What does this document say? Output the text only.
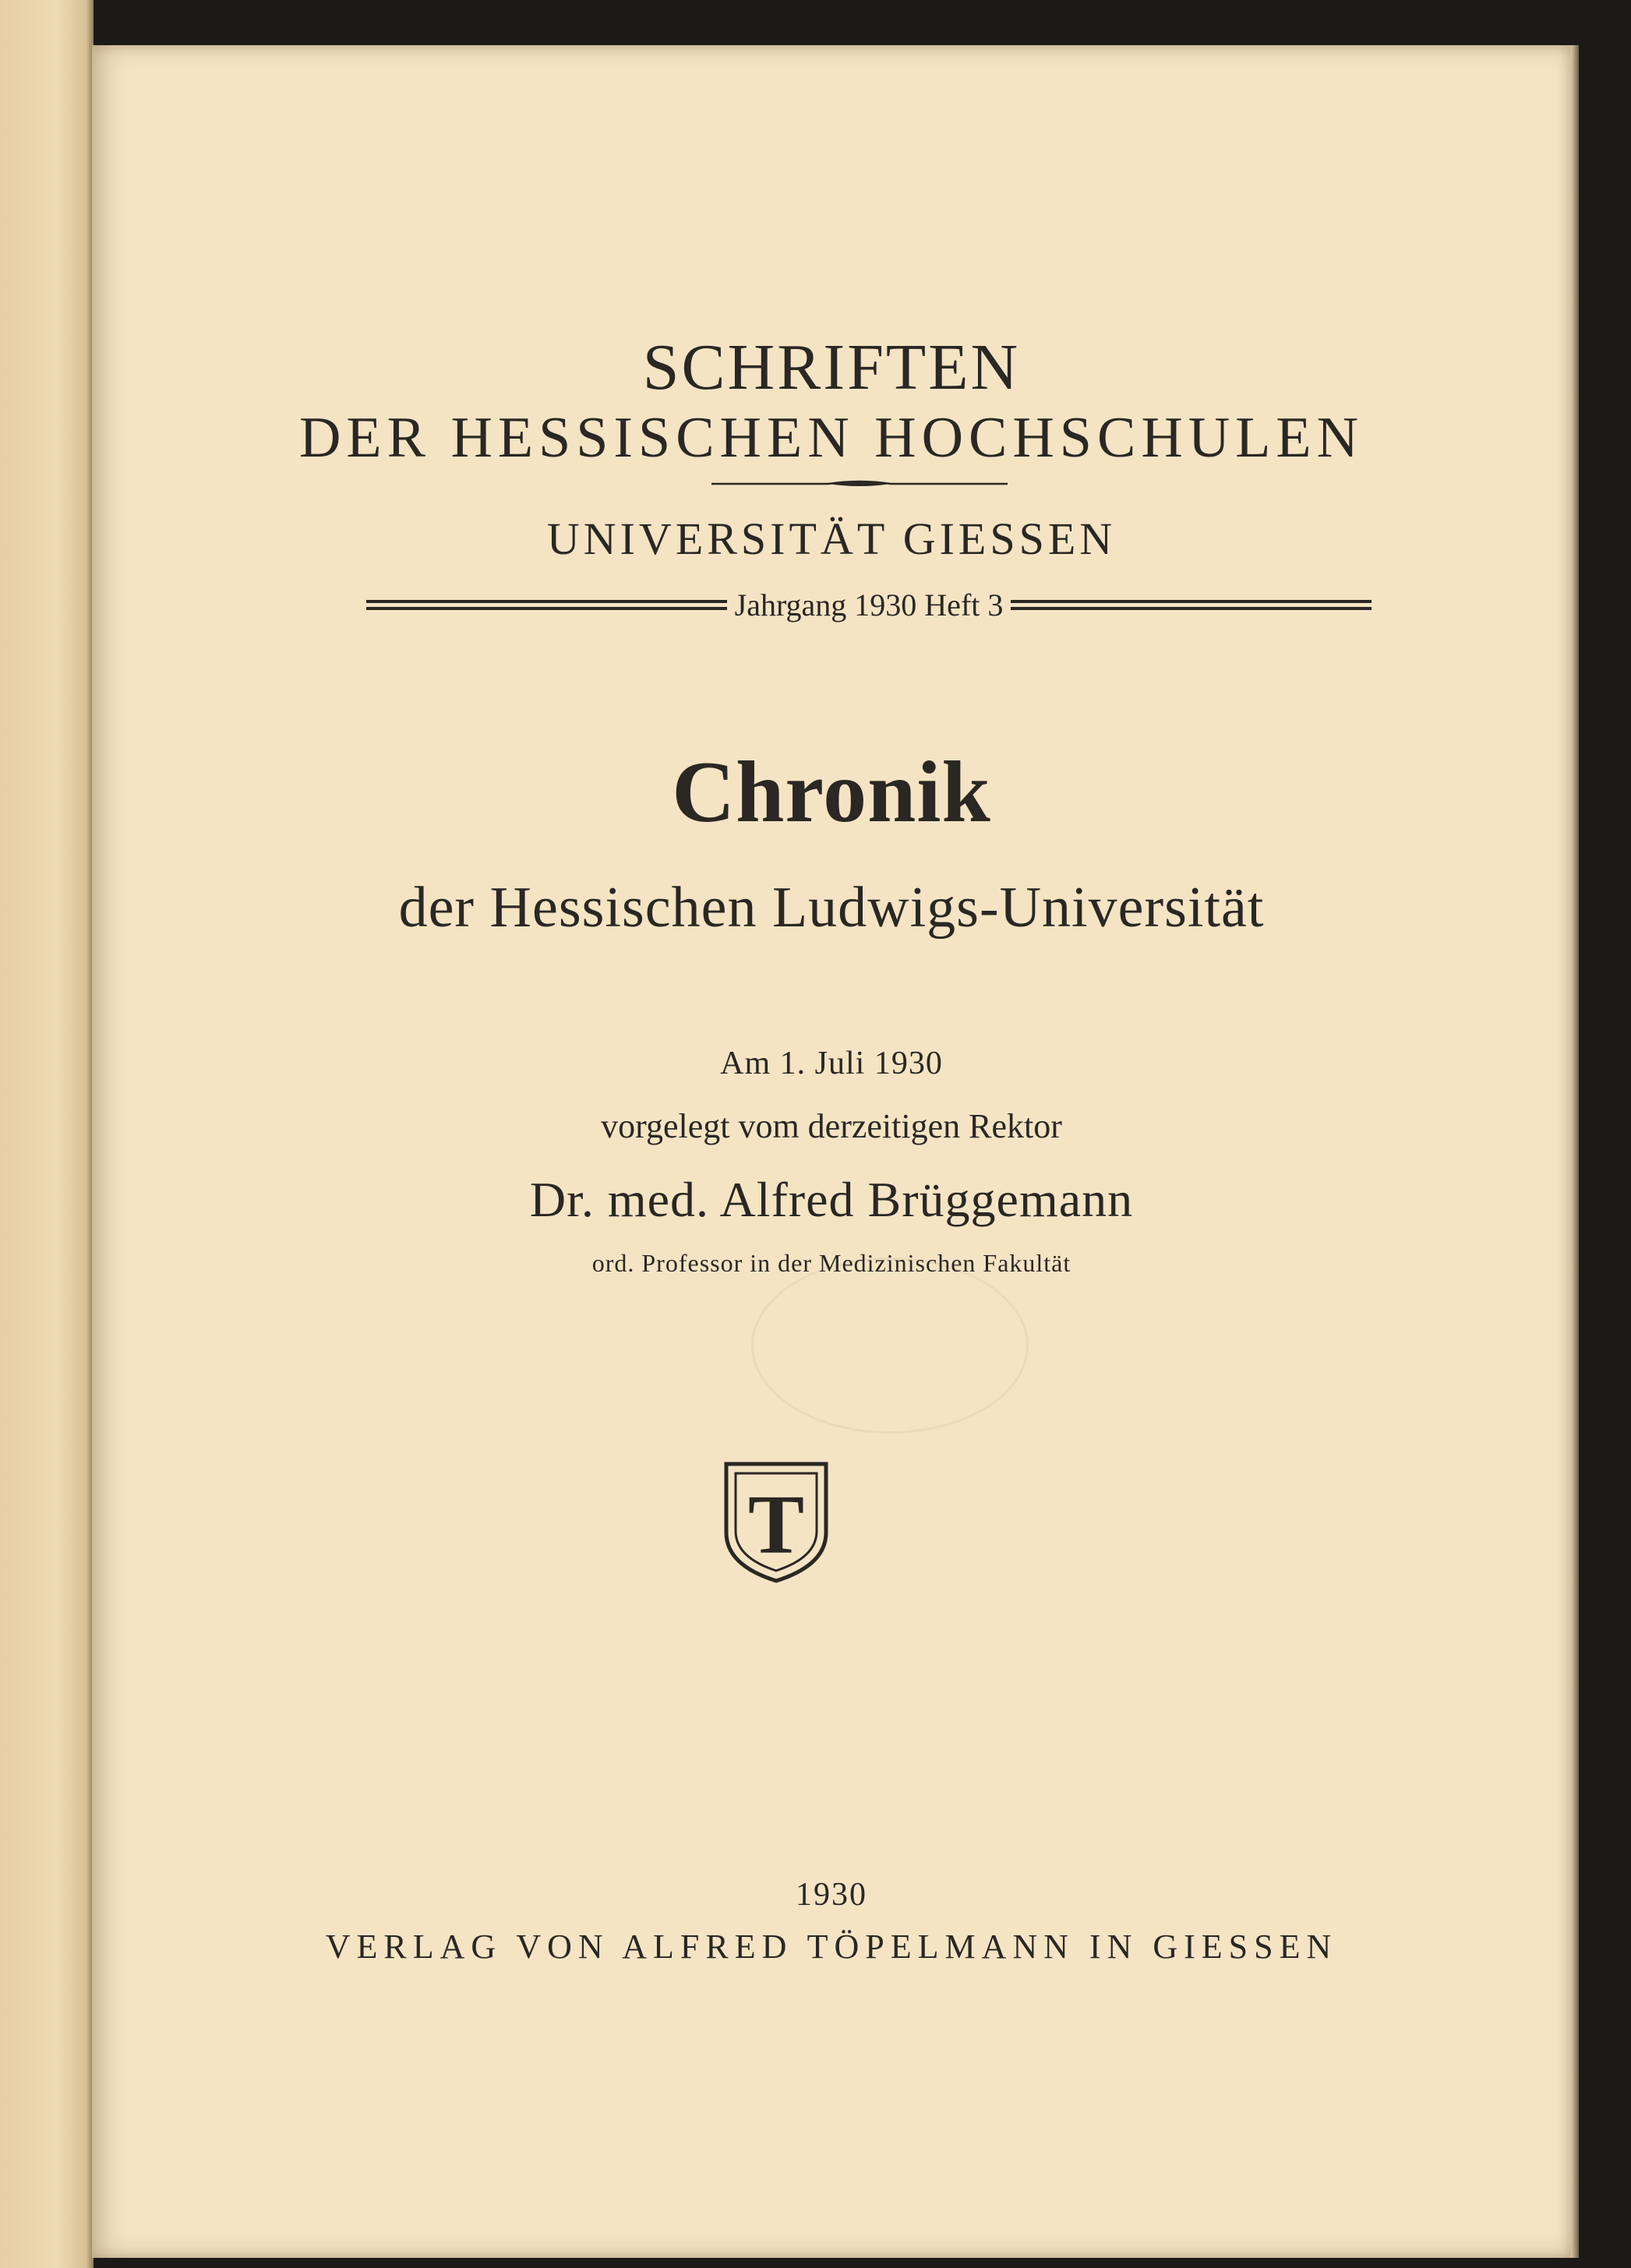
SCHRIFTEN
DER HESSISCHEN HOCHSCHULEN
UNIVERSITÄT GIESSEN
Jahrgang 1930 Heft 3
Chronik
der Hessischen Ludwigs-Universität
Am 1. Juli 1930
vorgelegt vom derzeitigen Rektor
Dr. med. Alfred Brüggemann
ord. Professor in der Medizinischen Fakultät
T
1930
VERLAG VON ALFRED TÖPELMANN IN GIESSEN
